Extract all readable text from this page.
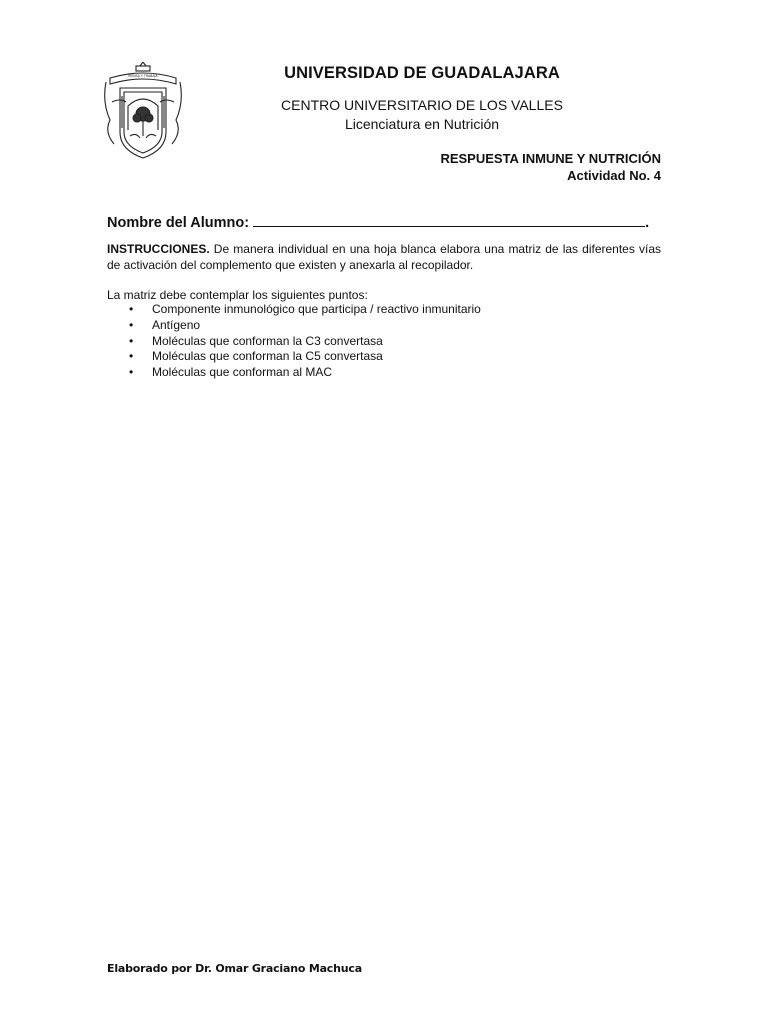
PIENSA Y TRABAJA	UNIVERSIDAD DE GUADALAJARA
CENTRO UNIVERSITARIO DE LOS VALLES
Licenciatura en Nutrición
RESPUESTA INMUNE Y NUTRICIÓN
Actividad No. 4
Nombre del Alumno:	.
INSTRUCCIONES. De manera individual en una hoja blanca elabora una matriz de las diferentes vías de activación del complemento que existen y anexarla al recopilador.
La matriz debe contemplar los siguientes puntos:
• Componente inmunológico que participa / reactivo inmunitario
• Antígeno
• Moléculas que conforman la C3 convertasa
• Moléculas que conforman la C5 convertasa
• Moléculas que conforman al MAC
Elaborado por Dr. Omar Graciano Machuca
